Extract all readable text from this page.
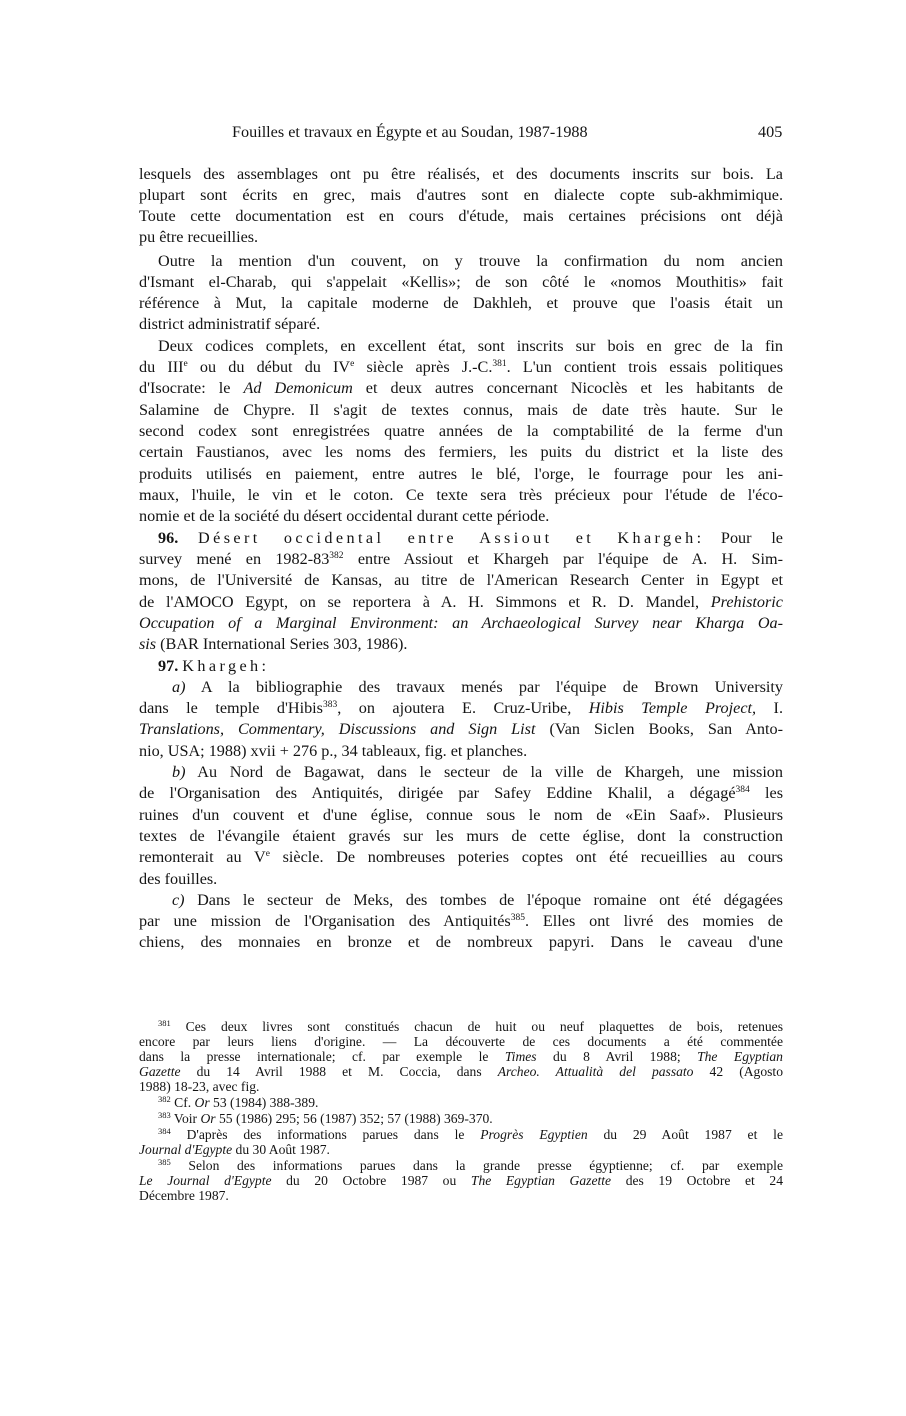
Fouilles et travaux en Égypte et au Soudan, 1987-1988	405
lesquels des assemblages ont pu être réalisés, et des documents inscrits sur bois. La
plupart sont écrits en grec, mais d'autres sont en dialecte copte sub-akhmimique.
Toute cette documentation est en cours d'étude, mais certaines précisions ont déjà
pu être recueillies.
Outre la mention d'un couvent, on y trouve la confirmation du nom ancien
d'Ismant el-Charab, qui s'appelait «Kellis»; de son côté le «nomos Mouthitis» fait
référence à Mut, la capitale moderne de Dakhleh, et prouve que l'oasis était un
district administratif séparé.
Deux codices complets, en excellent état, sont inscrits sur bois en grec de la fin
du IIIe ou du début du IVe siècle après J.-C.$^{381}$. L'un contient trois essais politiques
d'Isocrate: le Ad Demonicum et deux autres concernant Nicoclès et les habitants de
Salamine de Chypre. Il s'agit de textes connus, mais de date très haute. Sur le
second codex sont enregistrées quatre années de la comptabilité de la ferme d'un
certain Faustianos, avec les noms des fermiers, les puits du district et la liste des
produits utilisés en paiement, entre autres le blé, l'orge, le fourrage pour les ani-
maux, l'huile, le vin et le coton. Ce texte sera très précieux pour l'étude de l'éco-
nomie et de la société du désert occidental durant cette période.
96. Désert occidental entre Assiout et Khargeh: Pour le
survey mené en $1982-83^{382}$ entre Assiout et Khargeh par l'équipe de A. H. Sim-
mons, de l'Université de Kansas, au titre de l'American Research Center in Egypt et
de l'AMOCO Egypt, on se reportera à A. H. Simmons et R. D. Mandel, Prehistoric
Occupation of a Marginal Environment: an Archaeological Survey near Kharga Oa-
sis (BAR International Series 303, 1986).
97. Khargeh:
a) A la bibliographie des travaux menés par l'équipe de Brown University
dans le temple d'Hibis$^{383}$, on ajoutera E. Cruz-Uribe, Hibis Temple Project, I.
Translations, Commentary, Discussions and Sign List (Van Siclen Books, San Anto-
nio, USA; 1988) xvii + 276 p., 34 tableaux, fig. et planches.
b) Au Nord de Bagawat, dans le secteur de la ville de Khargeh, une mission
de l'Organisation des Antiquités, dirigée par Safey Eddine Khalil, a dégagé$^{384}$ les
ruines d'un couvent et d'une église, connue sous le nom de «Ein Saaf». Plusieurs
textes de l'évangile étaient gravés sur les murs de cette église, dont la construction
remonterait au Ve siècle. De nombreuses poteries coptes ont été recueillies au cours
des fouilles.
c) Dans le secteur de Meks, des tombes de l'époque romaine ont été dégagées
par une mission de l'Organisation des Antiquités$^{385}$. Elles ont livré des momies de
chiens, des monnaies en bronze et de nombreux papyri. Dans le caveau d'une
$^{381}$ Ces deux livres sont constitués chacun de huit ou neuf plaquettes de bois, retenues
encore par leurs liens d'origine. — La découverte de ces documents a été commentée
dans la presse internationale; cf. par exemple le Times du 8 Avril 1988; The Egyptian
Gazette du 14 Avril 1988 et M. Coccia, dans Archeo. Attualità del passato 42 (Agosto
1988) 18-23, avec fig.
$^{382}$ Cf. Or 53 (1984) 388-389.
$^{383}$ Voir Or 55 (1986) 295; 56 (1987) 352; 57 (1988) 369-370.
$^{384}$ D'après des informations parues dans le Progrès Egyptien du 29 Août 1987 et le
Journal d'Egypte du 30 Août 1987.
$^{385}$ Selon des informations parues dans la grande presse égyptienne; cf. par exemple
Le Journal d'Egypte du 20 Octobre 1987 ou The Egyptian Gazette des 19 Octobre et 24
Décembre 1987.
